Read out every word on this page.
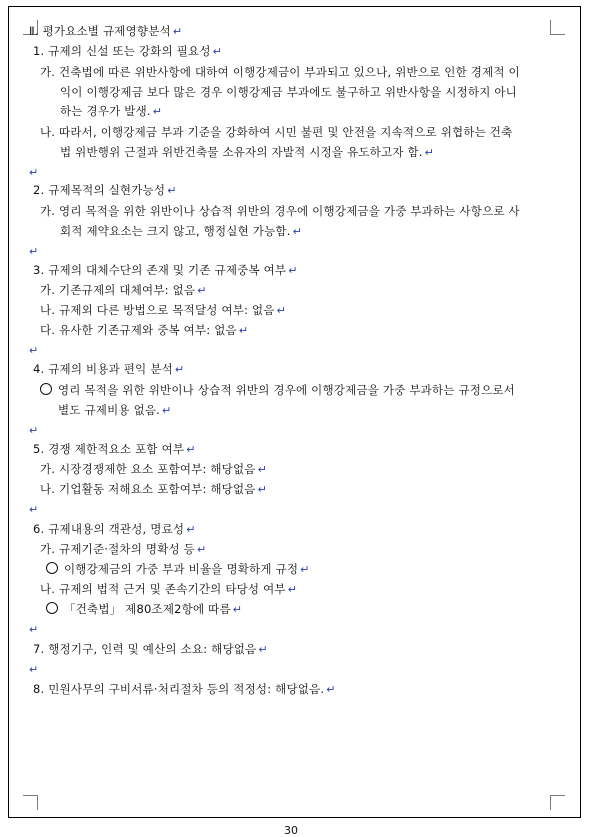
Ⅱ. 평가요소별 규제영향분석 ↵
1. 규제의 신설 또는 강화의 필요성 ↵
가. 건축법에 따른 위반사항에 대하여 이행강제금이 부과되고 있으나, 위반으로 인한 경제적 이
익이 이행강제금 보다 많은 경우 이행강제금 부과에도 불구하고 위반사항을 시정하지 아니
하는 경우가 발생. ↵
나. 따라서, 이행강제금 부과 기준을 강화하여 시민 불편 및 안전을 지속적으로 위협하는 건축
법 위반행위 근절과 위반건축물 소유자의 자발적 시정을 유도하고자 함. ↵
↵
2. 규제목적의 실현가능성 ↵
가. 영리 목적을 위한 위반이나 상습적 위반의 경우에 이행강제금을 가중 부과하는 사항으로 사
회적 제약요소는 크지 않고, 행정실현 가능함. ↵
↵
3. 규제의 대체수단의 존재 및 기존 규제중복 여부 ↵
가. 기존규제의 대체여부: 없음 ↵
나. 규제외 다른 방법으로 목적달성 여부: 없음 ↵
다. 유사한 기존규제와 중복 여부: 없음 ↵
↵
4. 규제의 비용과 편익 분석 ↵
영리 목적을 위한 위반이나 상습적 위반의 경우에 이행강제금을 가중 부과하는 규정으로서
별도 규제비용 없음. ↵
↵
5. 경쟁 제한적요소 포함 여부 ↵
가. 시장경쟁제한 요소 포함여부: 해당없음 ↵
나. 기업활동 저해요소 포함여부: 해당없음 ↵
↵
6. 규제내용의 객관성, 명료성 ↵
가. 규제기준·절차의 명확성 등 ↵
이행강제금의 가중 부과 비율을 명확하게 규정 ↵
나. 규제의 법적 근거 및 존속기간의 타당성 여부 ↵
「건축법」 제80조제2항에 따름 ↵
↵
7. 행정기구, 인력 및 예산의 소요: 해당없음 ↵
↵
8. 민원사무의 구비서류·처리절차 등의 적정성: 해당없음. ↵
30
